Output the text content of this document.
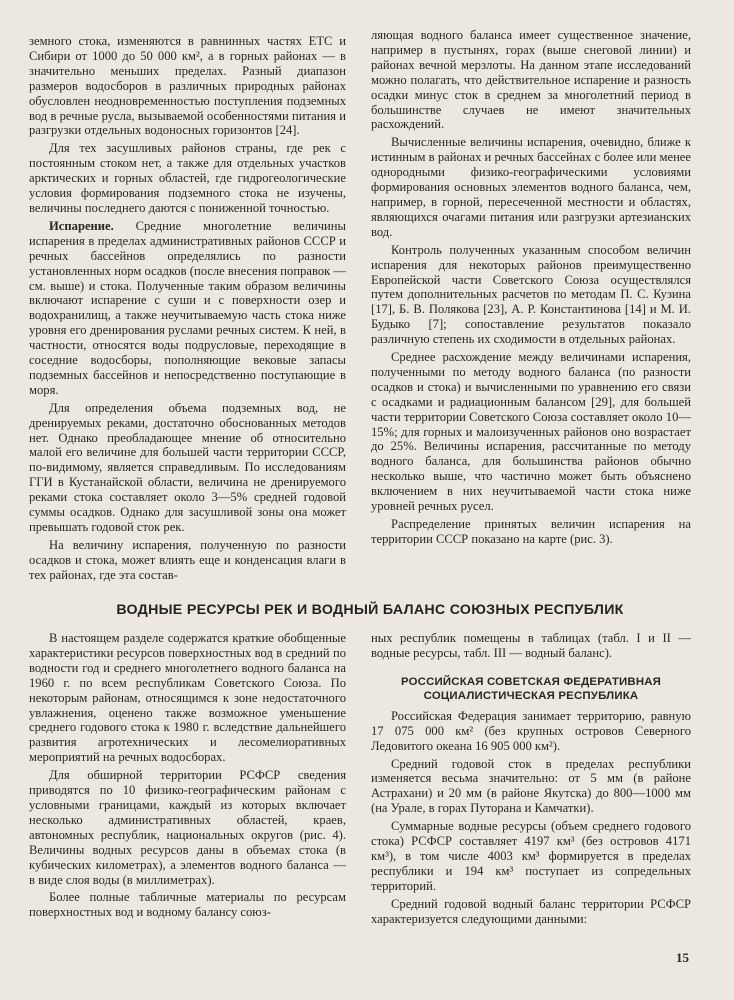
земного стока, изменяются в равнинных частях ЕТС и Сибири от 1000 до 50 000 км², а в горных районах — в значительно меньших пределах. Разный диапазон размеров водосборов в различных природных районах обусловлен неодновременностью поступления подземных вод в речные русла, вызываемой особенностями питания и разгрузки отдельных водоносных горизонтов [24].

Для тех засушливых районов страны, где рек с постоянным стоком нет, а также для отдельных участков арктических и горных областей, где гидрогеологические условия формирования подземного стока не изучены, величины последнего даются с пониженной точностью.

Испарение. Средние многолетние величины испарения в пределах административных районов СССР и речных бассейнов определялись по разности установленных норм осадков (после внесения поправок — см. выше) и стока. Полученные таким образом величины включают испарение с суши и с поверхности озер и водохранилищ, а также неучитываемую часть стока ниже уровня его дренирования руслами речных систем. К ней, в частности, относятся воды подрусловые, переходящие в соседние водосборы, пополняющие вековые запасы подземных бассейнов и непосредственно поступающие в моря.

Для определения объема подземных вод, не дренируемых реками, достаточно обоснованных методов нет. Однако преобладающее мнение об относительно малой его величине для большей части территории СССР, по-видимому, является справедливым. По исследованиям ГГИ в Кустанайской области, величина не дренируемого реками стока составляет около 3—5% средней годовой суммы осадков. Однако для засушливой зоны она может превышать годовой сток рек.

На величину испарения, полученную по разности осадков и стока, может влиять еще и конденсация влаги в тех районах, где эта состав-

ляющая водного баланса имеет существенное значение, например в пустынях, горах (выше снеговой линии) и районах вечной мерзлоты. На данном этапе исследований можно полагать, что действительное испарение и разность осадки минус сток в среднем за многолетний период в большинстве случаев не имеют значительных расхождений.

Вычисленные величины испарения, очевидно, ближе к истинным в районах и речных бассейнах с более или менее однородными физико-географическими условиями формирования основных элементов водного баланса, чем, например, в горной, пересеченной местности и областях, являющихся очагами питания или разгрузки артезианских вод.

Контроль полученных указанным способом величин испарения для некоторых районов преимущественно Европейской части Советского Союза осуществлялся путем дополнительных расчетов по методам П. С. Кузина [17], Б. В. Полякова [23], А. Р. Константинова [14] и М. И. Будыко [7]; сопоставление результатов показало различную степень их сходимости в отдельных районах.

Среднее расхождение между величинами испарения, полученными по методу водного баланса (по разности осадков и стока) и вычисленными по уравнению его связи с осадками и радиационным балансом [29], для большей части территории Советского Союза составляет около 10—15%; для горных и малоизученных районов оно возрастает до 25%. Величины испарения, рассчитанные по методу водного баланса, для большинства районов обычно несколько выше, что частично может быть объяснено включением в них неучитываемой части стока ниже уровней речных русел.

Распределение принятых величин испарения на территории СССР показано на карте (рис. 3).

ВОДНЫЕ РЕСУРСЫ РЕК И ВОДНЫЙ БАЛАНС СОЮЗНЫХ РЕСПУБЛИК

В настоящем разделе содержатся краткие обобщенные характеристики ресурсов поверхностных вод в средний по водности год и среднего многолетнего водного баланса на 1960 г. по всем республикам Советского Союза. По некоторым районам, относящимся к зоне недостаточного увлажнения, оценено также возможное уменьшение среднего годового стока к 1980 г. вследствие дальнейшего развития агротехнических и лесомелиоративных мероприятий на речных водосборах.

Для обширной территории РСФСР сведения приводятся по 10 физико-географическим районам с условными границами, каждый из которых включает несколько административных областей, краев, автономных республик, национальных округов (рис. 4). Величины водных ресурсов даны в объемах стока (в кубических километрах), а элементов водного баланса — в виде слоя воды (в миллиметрах).

Более полные табличные материалы по ресурсам поверхностных вод и водному балансу союз-

ных республик помещены в таблицах (табл. I и II — водные ресурсы, табл. III — водный баланс).

РОССИЙСКАЯ СОВЕТСКАЯ ФЕДЕРАТИВНАЯ СОЦИАЛИСТИЧЕСКАЯ РЕСПУБЛИКА

Российская Федерация занимает территорию, равную 17 075 000 км² (без крупных островов Северного Ледовитого океана 16 905 000 км²).

Средний годовой сток в пределах республики изменяется весьма значительно: от 5 мм (в районе Астрахани) и 20 мм (в районе Якутска) до 800—1000 мм (на Урале, в горах Путорана и Камчатки).

Суммарные водные ресурсы (объем среднего годового стока) РСФСР составляет 4197 км³ (без островов 4171 км³), в том числе 4003 км³ формируется в пределах республики и 194 км³ поступает из сопредельных территорий.

Средний годовой водный баланс территории РСФСР характеризуется следующими данными:

15
